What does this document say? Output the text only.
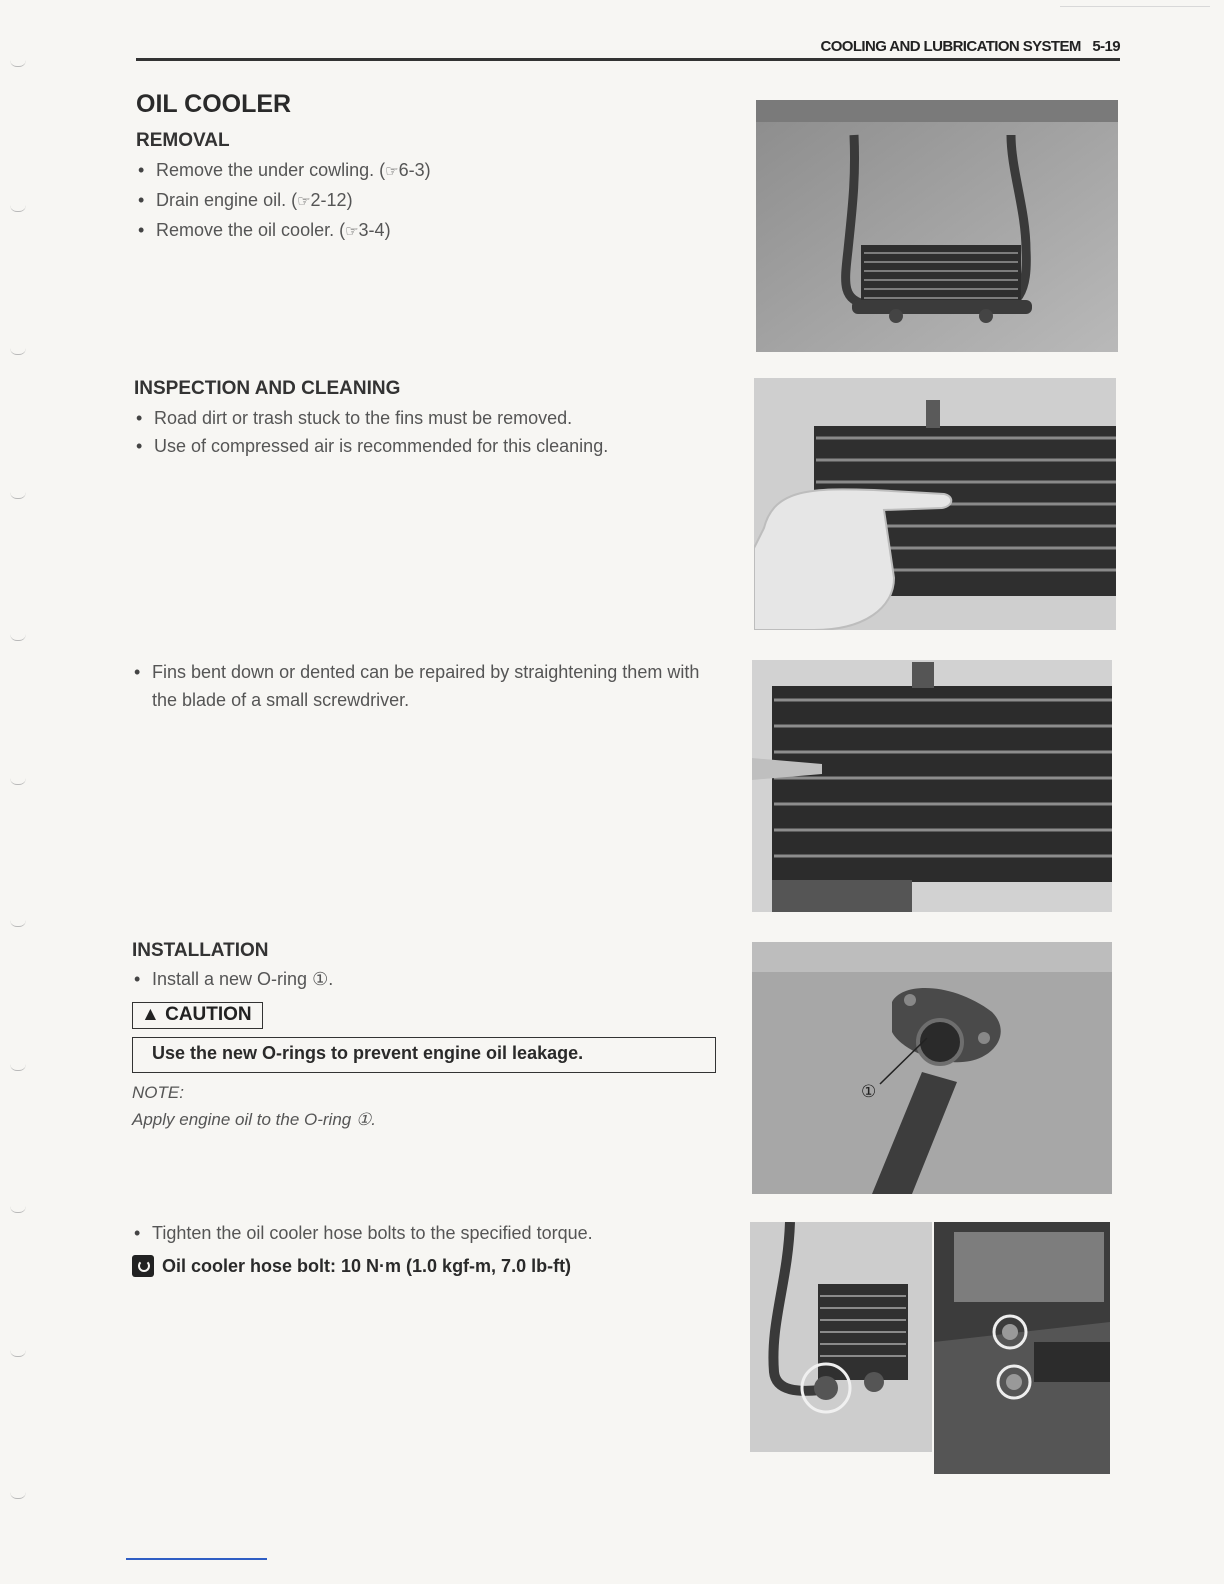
COOLING AND LUBRICATION SYSTEM 5-19
OIL COOLER
REMOVAL
• Remove the under cowling. (☞6-3)
• Drain engine oil. (☞2-12)
• Remove the oil cooler. (☞3-4)
INSPECTION AND CLEANING
• Road dirt or trash stuck to the fins must be removed.
• Use of compressed air is recommended for this cleaning.
• Fins bent down or dented can be repaired by straightening them with the blade of a small screwdriver.
INSTALLATION
• Install a new O-ring ①.
▲ CAUTION
Use the new O-rings to prevent engine oil leakage.
NOTE:
Apply engine oil to the O-ring ①.
• Tighten the oil cooler hose bolts to the specified torque.
Oil cooler hose bolt: 10 N·m (1.0 kgf-m, 7.0 lb-ft)
①
